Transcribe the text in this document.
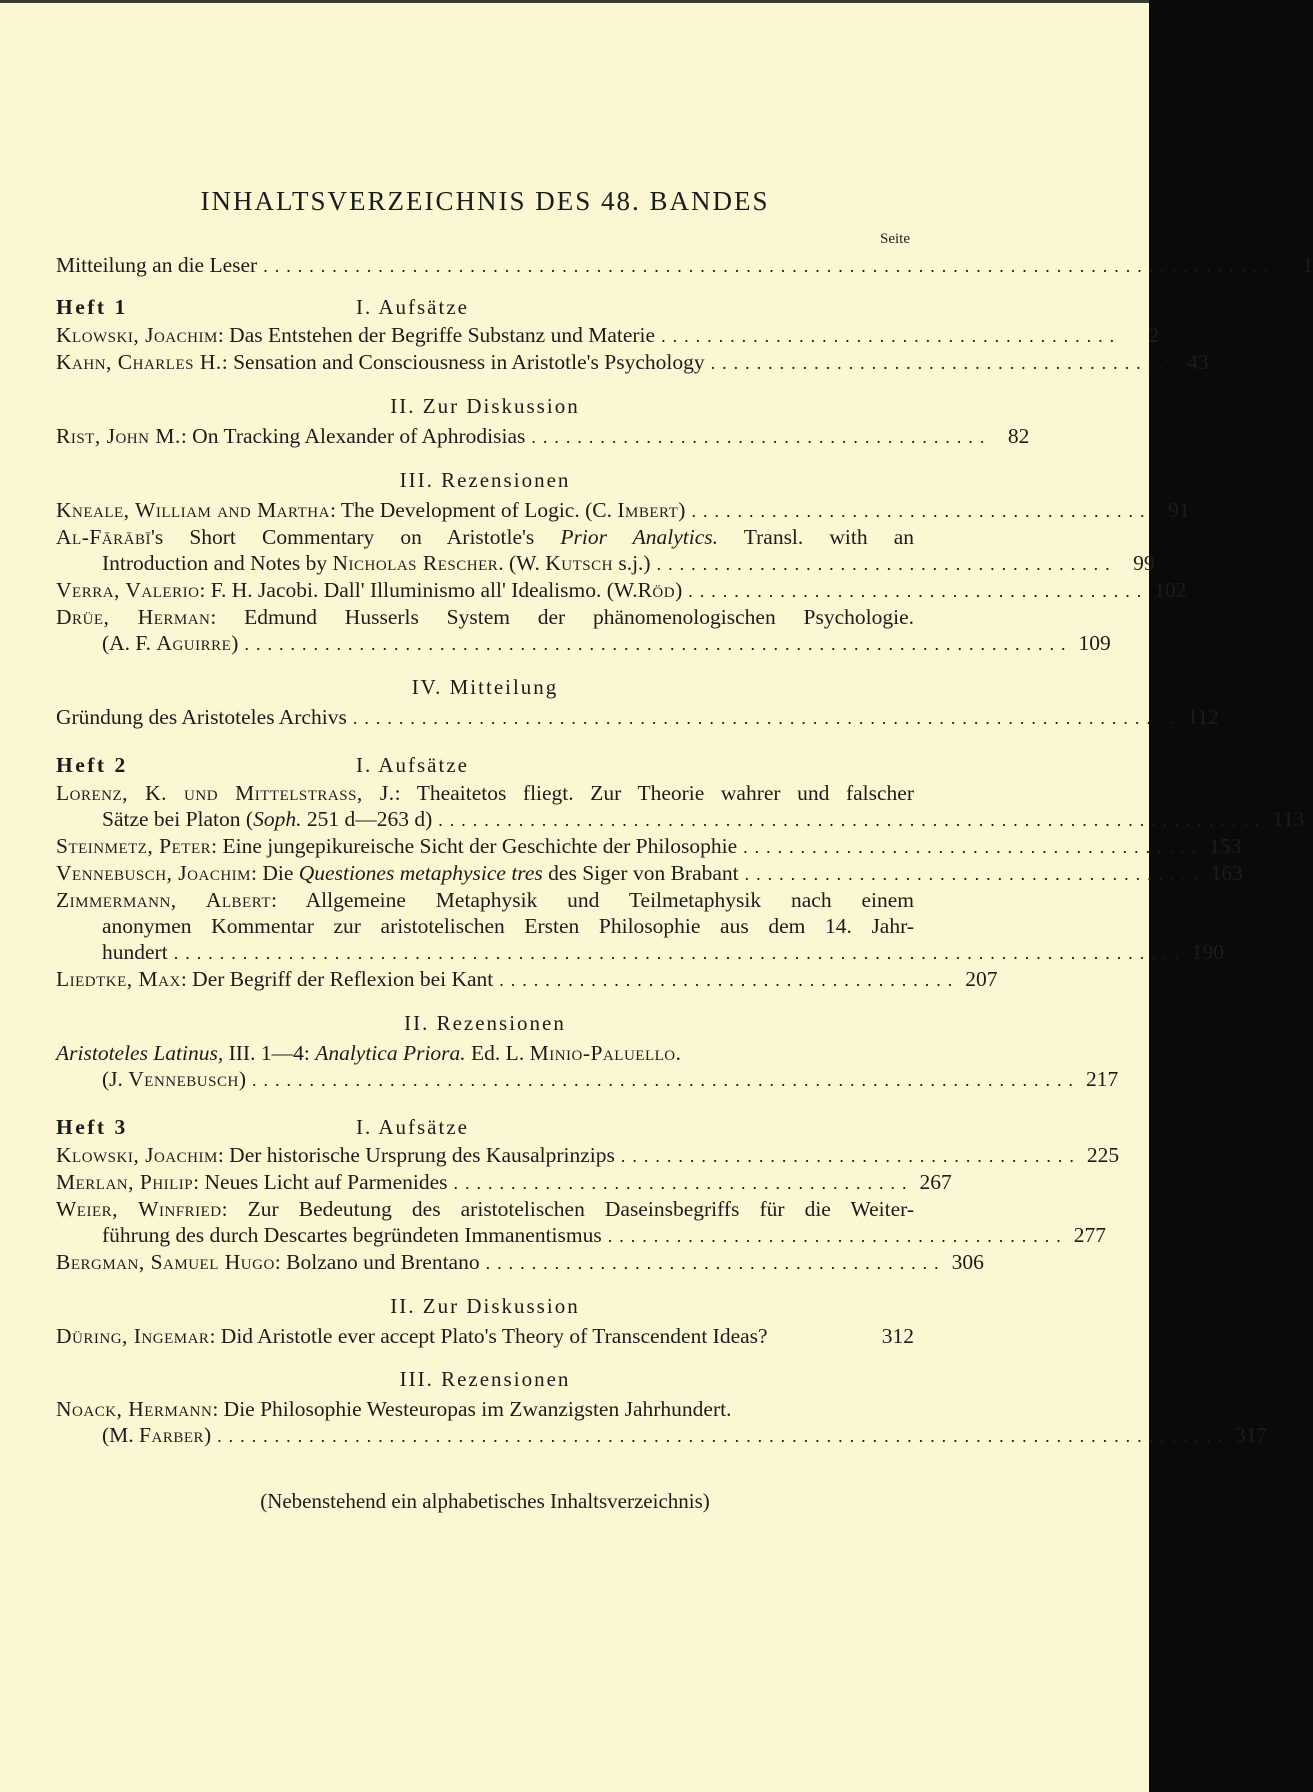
INHALTSVERZEICHNIS DES 48. BANDES
Seite
Mitteilung an die Leser ........................................................................................	1
Heft 1	I. Aufsätze
Klowski, Joachim: Das Entstehen der Begriffe Substanz und Materie ........................................	2
Kahn, Charles H.: Sensation and Consciousness in Aristotle's Psychology ........................................ 43
II. Zur Diskussion
Rist, John M.: On Tracking Alexander of Aphrodisias ........................................ 82
III. Rezensionen
Kneale, William and Martha: The Development of Logic. (C. Imbert) ........................................ 91
Al-Fārābī's Short Commentary on Aristotle's Prior Analytics. Transl. with an
Introduction and Notes by Nicholas Rescher. (W. Kutsch s.j.) ........................................ 99
Verra, Valerio: F. H. Jacobi. Dall' Illuminismo all' Idealismo. (W.Röd) ........................................ 102
Drüe, Herman: Edmund Husserls System der phänomenologischen Psychologie.
(A. F. Aguirre) ........................................................................ 109
IV. Mitteilung
Gründung des Aristoteles Archivs ........................................................................ 112
Heft 2	I. Aufsätze
Lorenz, K. und Mittelstrass, J.: Theaitetos fliegt. Zur Theorie wahrer und falscher
Sätze bei Platon (Soph. 251 d—263 d) ........................................................................ 113
Steinmetz, Peter: Eine jungepikureische Sicht der Geschichte der Philosophie ........................................ 153
Vennebusch, Joachim: Die Questiones metaphysice tres des Siger von Brabant ........................................ 163
Zimmermann, Albert: Allgemeine Metaphysik und Teilmetaphysik nach einem
anonymen Kommentar zur aristotelischen Ersten Philosophie aus dem 14. Jahr-
hundert ........................................................................................ 190
Liedtke, Max: Der Begriff der Reflexion bei Kant ........................................ 207
II. Rezensionen
Aristoteles Latinus, III. 1—4: Analytica Priora. Ed. L. Minio-Paluello.
(J. Vennebusch) ........................................................................ 217
Heft 3	I. Aufsätze
Klowski, Joachim: Der historische Ursprung des Kausalprinzips ........................................ 225
Merlan, Philip: Neues Licht auf Parmenides ........................................ 267
Weier, Winfried: Zur Bedeutung des aristotelischen Daseinsbegriffs für die Weiter-
führung des durch Descartes begründeten Immanentismus ........................................ 277
Bergman, Samuel Hugo: Bolzano und Brentano ........................................ 306
II. Zur Diskussion
Düring, Ingemar: Did Aristotle ever accept Plato's Theory of Transcendent Ideas?	312
III. Rezensionen
Noack, Hermann: Die Philosophie Westeuropas im Zwanzigsten Jahrhundert.
(M. Farber) ........................................................................................ 317
(Nebenstehend ein alphabetisches Inhaltsverzeichnis)
